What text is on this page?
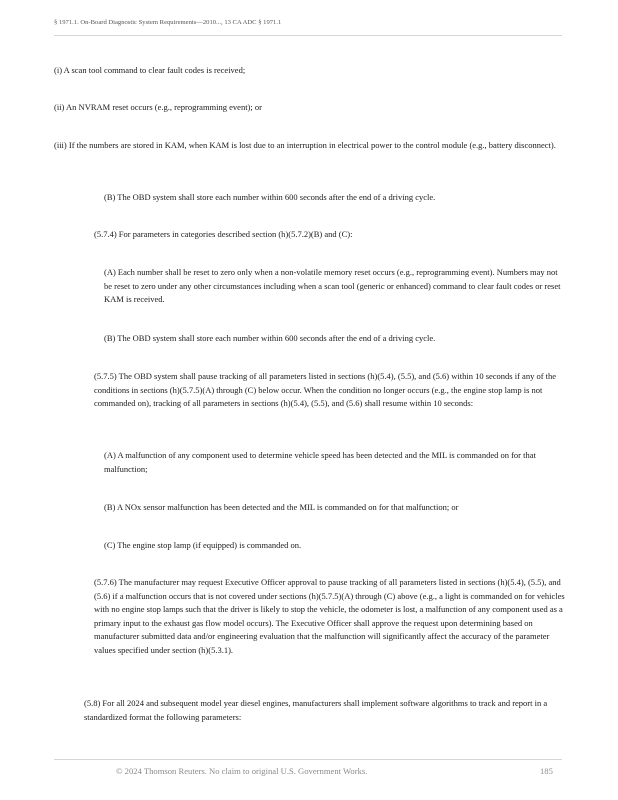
§ 1971.1. On-Board Diagnostic System Requirements—2010..., 13 CA ADC § 1971.1

(i) A scan tool command to clear fault codes is received;

(ii) An NVRAM reset occurs (e.g., reprogramming event); or

(iii) If the numbers are stored in KAM, when KAM is lost due to an interruption in electrical power to the control module (e.g., battery disconnect).

(B) The OBD system shall store each number within 600 seconds after the end of a driving cycle.

(5.7.4) For parameters in categories described section (h)(5.7.2)(B) and (C):

(A) Each number shall be reset to zero only when a non-volatile memory reset occurs (e.g., reprogramming event). Numbers may not be reset to zero under any other circumstances including when a scan tool (generic or enhanced) command to clear fault codes or reset KAM is received.

(B) The OBD system shall store each number within 600 seconds after the end of a driving cycle.

(5.7.5) The OBD system shall pause tracking of all parameters listed in sections (h)(5.4), (5.5), and (5.6) within 10 seconds if any of the conditions in sections (h)(5.7.5)(A) through (C) below occur. When the condition no longer occurs (e.g., the engine stop lamp is not commanded on), tracking of all parameters in sections (h)(5.4), (5.5), and (5.6) shall resume within 10 seconds:

(A) A malfunction of any component used to determine vehicle speed has been detected and the MIL is commanded on for that malfunction;

(B) A NOx sensor malfunction has been detected and the MIL is commanded on for that malfunction; or

(C) The engine stop lamp (if equipped) is commanded on.

(5.7.6) The manufacturer may request Executive Officer approval to pause tracking of all parameters listed in sections (h)(5.4), (5.5), and (5.6) if a malfunction occurs that is not covered under sections (h)(5.7.5)(A) through (C) above (e.g., a light is commanded on for vehicles with no engine stop lamps such that the driver is likely to stop the vehicle, the odometer is lost, a malfunction of any component used as a primary input to the exhaust gas flow model occurs). The Executive Officer shall approve the request upon determining based on manufacturer submitted data and/or engineering evaluation that the malfunction will significantly affect the accuracy of the parameter values specified under section (h)(5.3.1).

(5.8) For all 2024 and subsequent model year diesel engines, manufacturers shall implement software algorithms to track and report in a standardized format the following parameters:

© 2024 Thomson Reuters. No claim to original U.S. Government Works.	185
